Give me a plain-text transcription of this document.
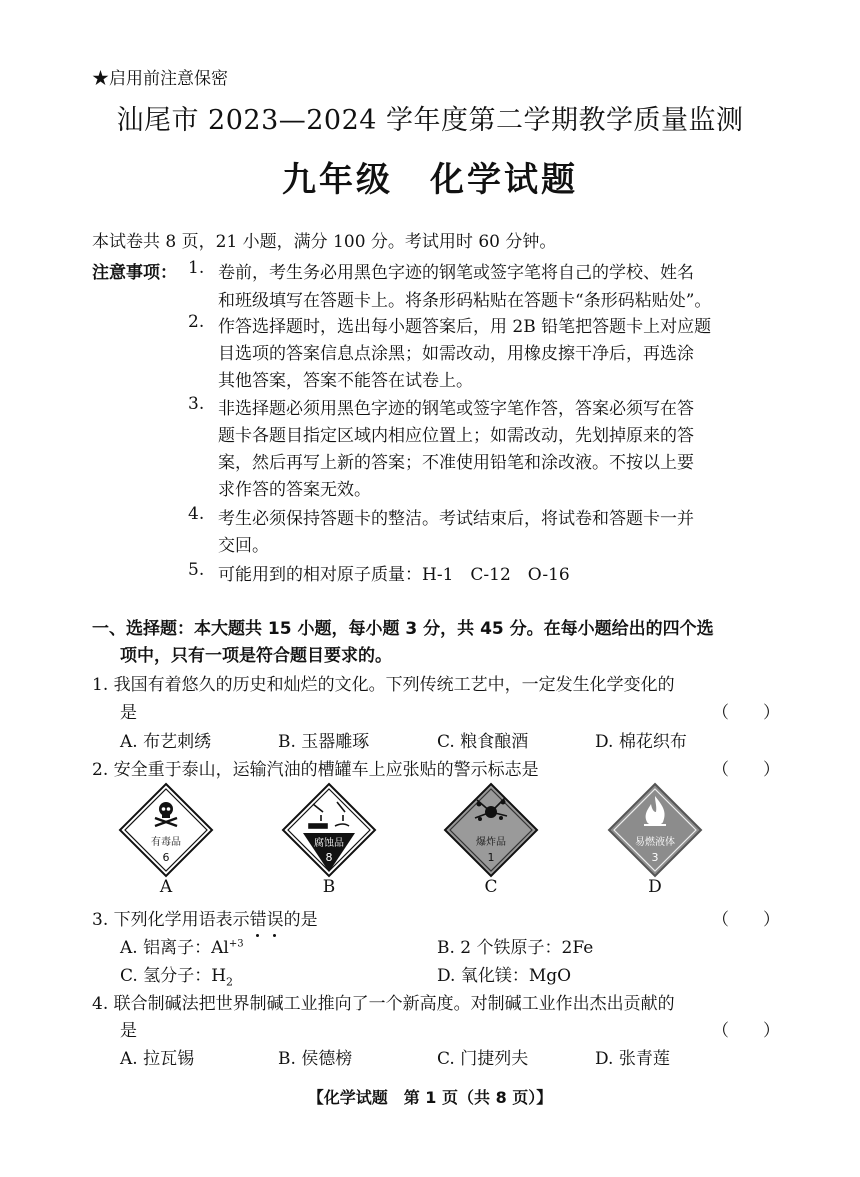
★启用前注意保密
汕尾市 2023—2024 学年度第二学期教学质量监测
九年级　化学试题
本试卷共 8 页，21 小题，满分 100 分。考试用时 60 分钟。
注意事项： 1. 卷前，考生务必用黑色字迹的钢笔或签字笔将自己的学校、姓名
和班级填写在答题卡上。将条形码粘贴在答题卡“条形码粘贴处”。
2. 作答选择题时，选出每小题答案后，用 2B 铅笔把答题卡上对应题
目选项的答案信息点涂黑；如需改动，用橡皮擦干净后，再选涂
其他答案，答案不能答在试卷上。
3. 非选择题必须用黑色字迹的钢笔或签字笔作答，答案必须写在答
题卡各题目指定区域内相应位置上；如需改动，先划掉原来的答
案，然后再写上新的答案；不准使用铅笔和涂改液。不按以上要
求作答的答案无效。
4. 考生必须保持答题卡的整洁。考试结束后，将试卷和答题卡一并
交回。
5. 可能用到的相对原子质量：H-1　C-12　O-16
一、选择题：本大题共 15 小题，每小题 3 分，共 45 分。在每小题给出的四个选
项中，只有一项是符合题目要求的。
1. 我国有着悠久的历史和灿烂的文化。下列传统工艺中，一定发生化学变化的
是	（　　）
A. 布艺刺绣	B. 玉器雕琢	C. 粮食酿酒	D. 棉花织布
2. 安全重于泰山，运输汽油的槽罐车上应张贴的警示标志是	（　　）
有毒品
6
腐蚀品
8
爆炸品
1
易燃液体
3
A	B	C	D
3. 下列化学用语表示错误
的是	（　　）
A. 铝离子：$Al^{+3}$	B. 2 个铁原子：2Fe
C. 氢分子：$H_2$	D. 氧化镁：MgO
4. 联合制碱法把世界制碱工业推向了一个新高度。对制碱工业作出杰出贡献的
是	（　　）
A. 拉瓦锡	B. 侯德榜	C. 门捷列夫	D. 张青莲
【化学试题　第 1 页（共 8 页）】
